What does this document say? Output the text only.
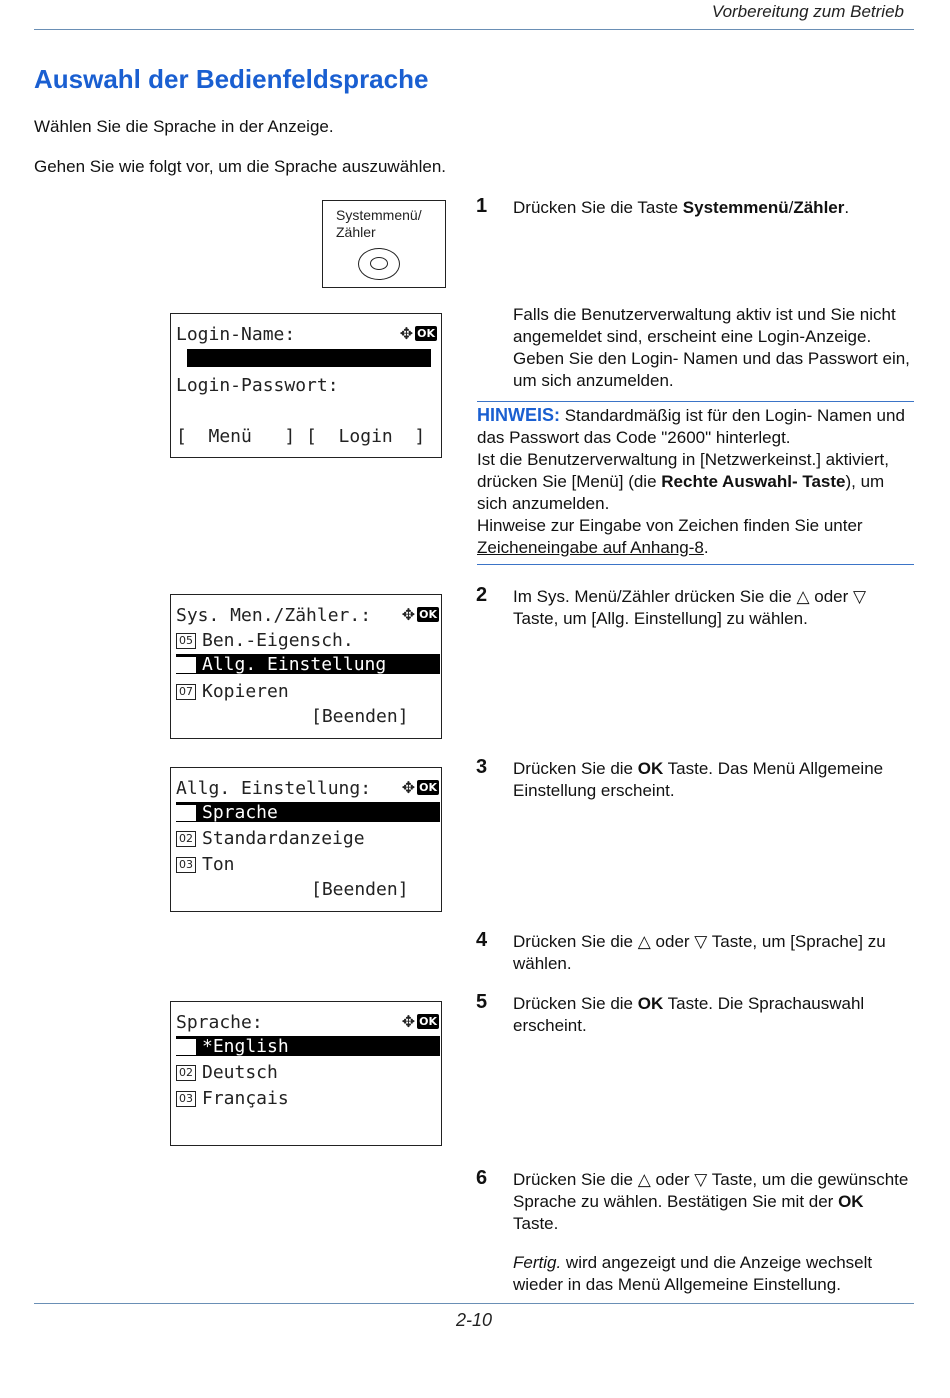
Vorbereitung zum Betrieb
Auswahl der Bedienfeldsprache
Wählen Sie die Sprache in der Anzeige.
Gehen Sie wie folgt vor, um die Sprache auszuwählen.
Systemmenü/
Zähler
1 Drücken Sie die Taste Systemmenü/Zähler.
Login-Name:	✥ OK
Login-Passwort:
[  Menü   ] [  Login  ]
Falls die Benutzerverwaltung aktiv ist und Sie nicht angemeldet sind, erscheint eine Login-Anzeige. Geben Sie den Login- Namen und das Passwort ein, um sich anzumelden.
HINWEIS: Standardmäßig ist für den Login- Namen und das Passwort das Code "2600" hinterlegt.
Ist die Benutzerverwaltung in [Netzwerkeinst.] aktiviert, drücken Sie [Menü] (die Rechte Auswahl- Taste), um sich anzumelden.
Hinweise zur Eingabe von Zeichen finden Sie unter Zeicheneingabe auf Anhang-8.
Sys. Men./Zähler.: ✥ OK
05 Ben.-Eigensch.
06 Allg. Einstellung
07 Kopieren
[Beenden]
2 Im Sys. Menü/Zähler drücken Sie die △ oder ▽ Taste, um [Allg. Einstellung] zu wählen.
Allg. Einstellung: ✥ OK
01 Sprache
02 Standardanzeige
03 Ton
[Beenden]
3 Drücken Sie die OK Taste. Das Menü Allgemeine Einstellung erscheint.
4 Drücken Sie die △ oder ▽ Taste, um [Sprache] zu wählen.
5 Drücken Sie die OK Taste. Die Sprachauswahl erscheint.
Sprache:	✥ OK
01 *English
02 Deutsch
03 Français
6 Drücken Sie die △ oder ▽ Taste, um die gewünschte Sprache zu wählen. Bestätigen Sie mit der OK Taste.
Fertig. wird angezeigt und die Anzeige wechselt wieder in das Menü Allgemeine Einstellung.
2-10
